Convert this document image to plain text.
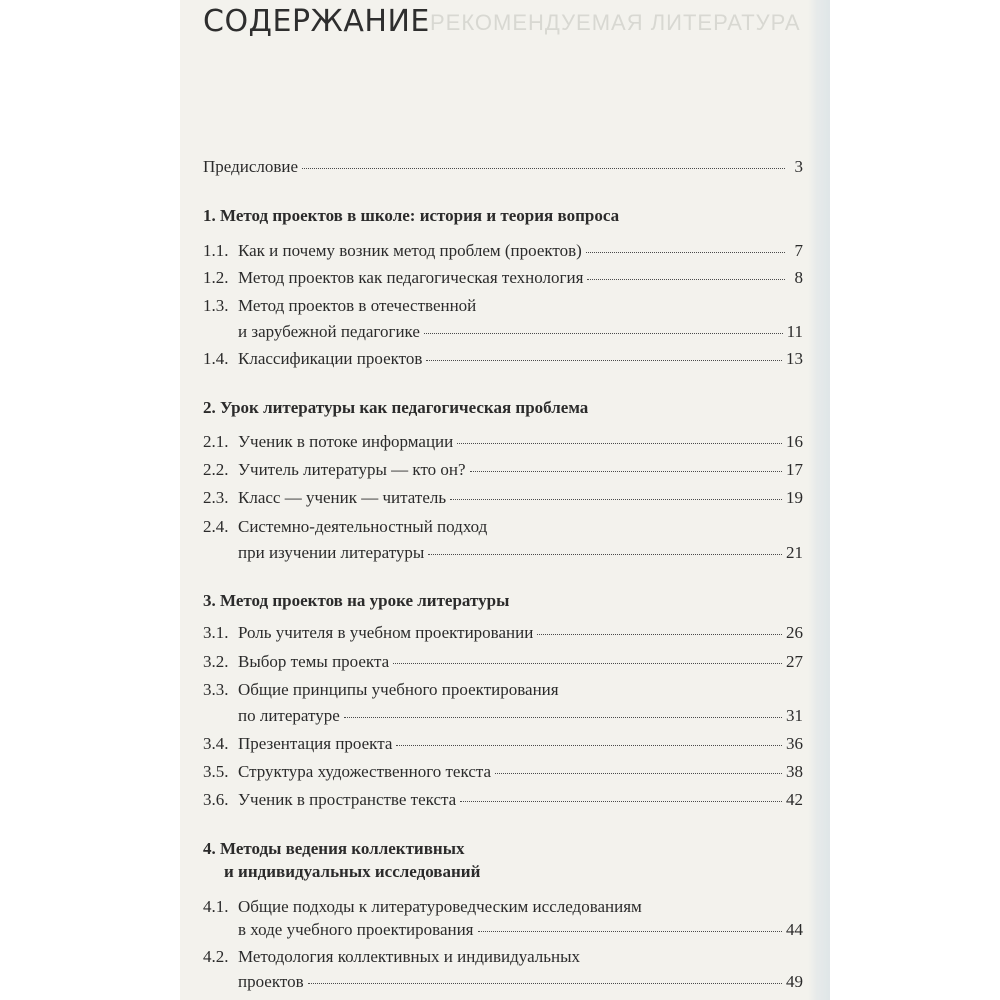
РЕКОМЕНДУЕМАЯ ЛИТЕРАТУРА
СОДЕРЖАНИЕ
Предисловие	3
1. Метод проектов в школе: история и теория вопроса
1.1. Как и почему возник метод проблем (проектов)	7
1.2. Метод проектов как педагогическая технология	8
1.3. Метод проектов в отечественной
и зарубежной педагогике	11
1.4. Классификации проектов	13
2. Урок литературы как педагогическая проблема
2.1. Ученик в потоке информации	16
2.2. Учитель литературы — кто он?	17
2.3. Класс — ученик — читатель	19
2.4. Системно-деятельностный подход
при изучении литературы	21
3. Метод проектов на уроке литературы
3.1. Роль учителя в учебном проектировании	26
3.2. Выбор темы проекта	27
3.3. Общие принципы учебного проектирования
по литературе	31
3.4. Презентация проекта	36
3.5. Структура художественного текста	38
3.6. Ученик в пространстве текста	42
4. Методы ведения коллективных
и индивидуальных исследований
4.1. Общие подходы к литературоведческим исследованиям
в ходе учебного проектирования	44
4.2. Методология коллективных и индивидуальных
проектов	49
